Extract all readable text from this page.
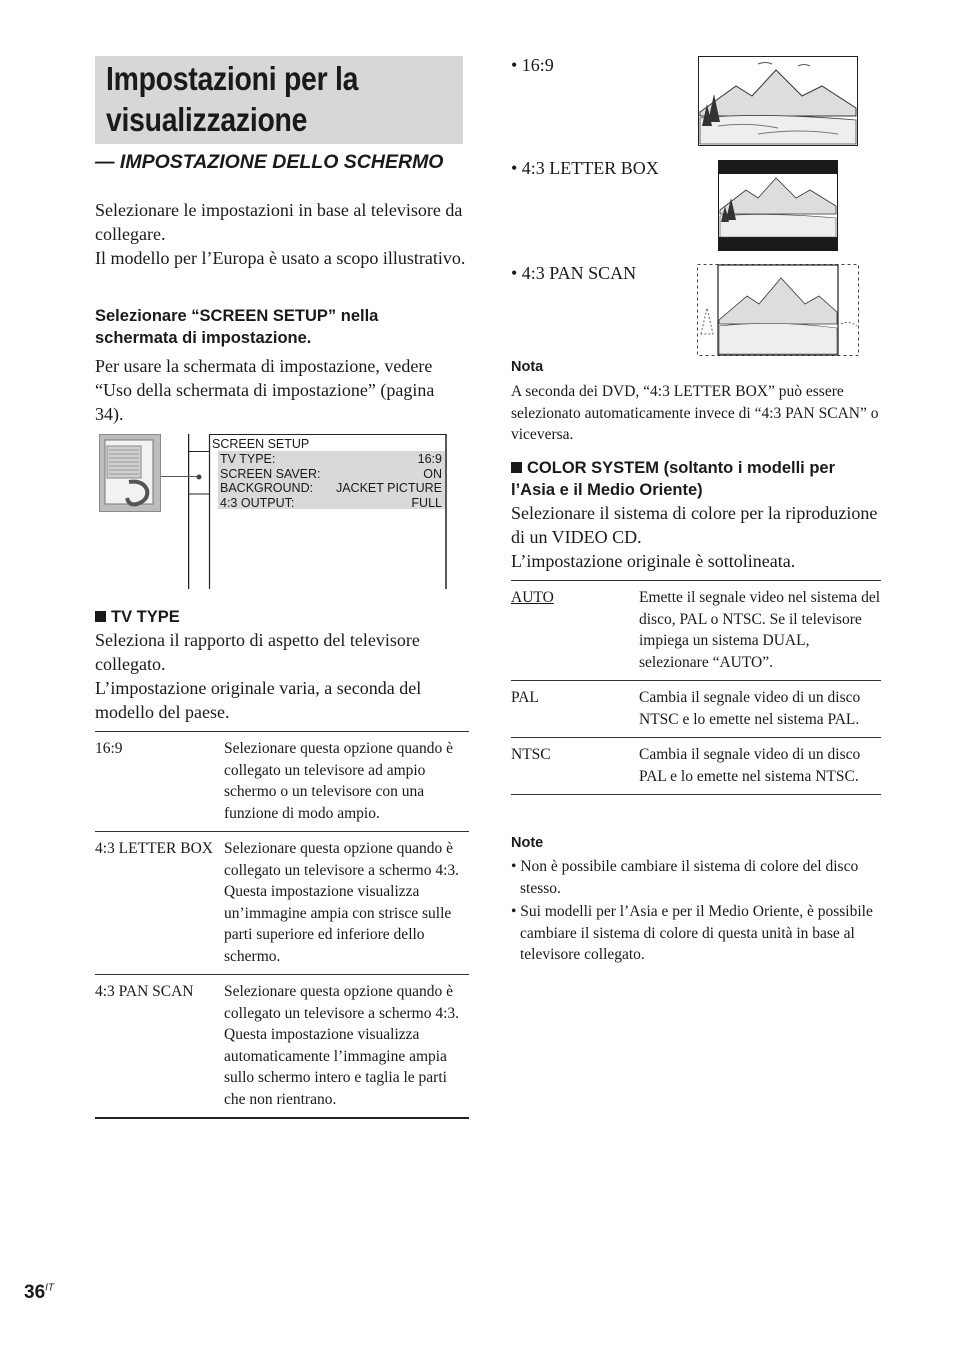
Impostazioni per la
visualizzazione
— IMPOSTAZIONE DELLO SCHERMO
Selezionare le impostazioni in base al televisore da collegare.
Il modello per l’Europa è usato a scopo illustrativo.
Selezionare “SCREEN SETUP” nella schermata di impostazione.
Per usare la schermata di impostazione, vedere “Uso della schermata di impostazione” (pagina 34).
SCREEN SETUP
TV TYPE:	16:9
SCREEN SAVER:	ON
BACKGROUND: JACKET PICTURE
4:3 OUTPUT:	FULL
TV TYPE
Seleziona il rapporto di aspetto del televisore collegato.
L’impostazione originale varia, a seconda del modello del paese.
16:9	Selezionare questa opzione quando è collegato un televisore ad ampio schermo o un televisore con una funzione di modo ampio.
4:3 LETTER BOX	Selezionare questa opzione quando è collegato un televisore a schermo 4:3. Questa impostazione visualizza un’immagine ampia con strisce sulle parti superiore ed inferiore dello schermo.
4:3 PAN SCAN	Selezionare questa opzione quando è collegato un televisore a schermo 4:3. Questa impostazione visualizza automaticamente l’immagine ampia sullo schermo intero e taglia le parti che non rientrano.
• 16:9
• 4:3 LETTER BOX
• 4:3 PAN SCAN
Nota
A seconda dei DVD, “4:3 LETTER BOX” può essere selezionato automaticamente invece di “4:3 PAN SCAN” o viceversa.
COLOR SYSTEM (soltanto i modelli per l’Asia e il Medio Oriente)
Selezionare il sistema di colore per la riproduzione di un VIDEO CD.
L’impostazione originale è sottolineata.
AUTO	Emette il segnale video nel sistema del disco, PAL o NTSC. Se il televisore impiega un sistema DUAL, selezionare “AUTO”.
PAL	Cambia il segnale video di un disco NTSC e lo emette nel sistema PAL.
NTSC	Cambia il segnale video di un disco PAL e lo emette nel sistema NTSC.
Note
• Non è possibile cambiare il sistema di colore del disco stesso.
• Sui modelli per l’Asia e per il Medio Oriente, è possibile cambiare il sistema di colore di questa unità in base al televisore collegato.
$36^{IT}$
